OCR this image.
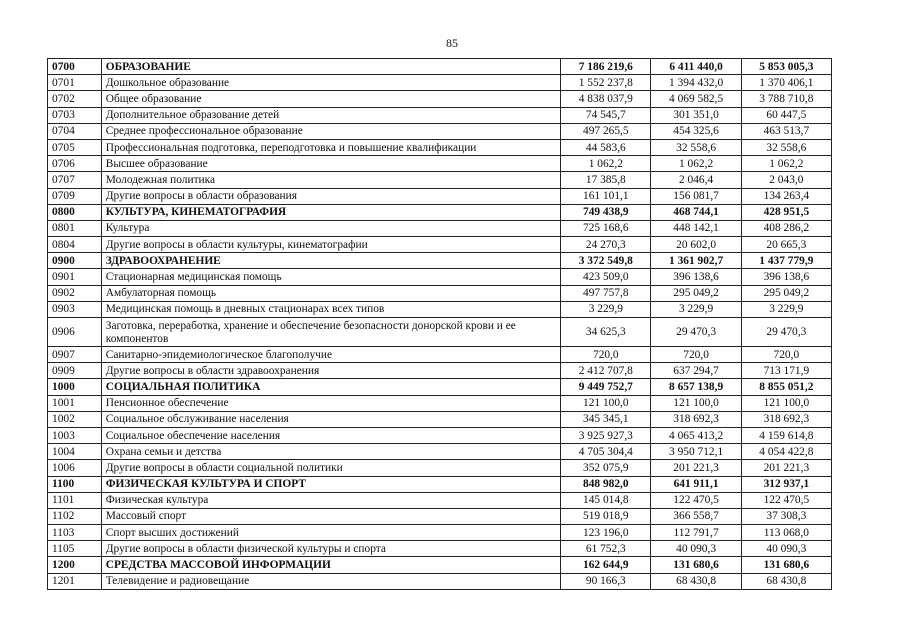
85
0700	ОБРАЗОВАНИЕ	7 186 219,6	6 411 440,0	5 853 005,3
0701	Дошкольное образование	1 552 237,8	1 394 432,0	1 370 406,1
0702	Общее образование	4 838 037,9	4 069 582,5	3 788 710,8
0703	Дополнительное образование детей	74 545,7	301 351,0	60 447,5
0704	Среднее профессиональное образование	497 265,5	454 325,6	463 513,7
0705	Профессиональная подготовка, переподготовка и повышение квалификации	44 583,6	32 558,6	32 558,6
0706	Высшее образование	1 062,2	1 062,2	1 062,2
0707	Молодежная политика	17 385,8	2 046,4	2 043,0
0709	Другие вопросы в области образования	161 101,1	156 081,7	134 263,4
0800	КУЛЬТУРА, КИНЕМАТОГРАФИЯ	749 438,9	468 744,1	428 951,5
0801	Культура	725 168,6	448 142,1	408 286,2
0804	Другие вопросы в области культуры, кинематографии	24 270,3	20 602,0	20 665,3
0900	ЗДРАВООХРАНЕНИЕ	3 372 549,8	1 361 902,7	1 437 779,9
0901	Стационарная медицинская помощь	423 509,0	396 138,6	396 138,6
0902	Амбулаторная помощь	497 757,8	295 049,2	295 049,2
0903	Медицинская помощь в дневных стационарах всех типов	3 229,9	3 229,9	3 229,9
0906	Заготовка, переработка, хранение и обеспечение безопасности донорской крови и ее компонентов	34 625,3	29 470,3	29 470,3
0907	Санитарно-эпидемиологическое благополучие	720,0	720,0	720,0
0909	Другие вопросы в области здравоохранения	2 412 707,8	637 294,7	713 171,9
1000	СОЦИАЛЬНАЯ ПОЛИТИКА	9 449 752,7	8 657 138,9	8 855 051,2
1001	Пенсионное обеспечение	121 100,0	121 100,0	121 100,0
1002	Социальное обслуживание населения	345 345,1	318 692,3	318 692,3
1003	Социальное обеспечение населения	3 925 927,3	4 065 413,2	4 159 614,8
1004	Охрана семьи и детства	4 705 304,4	3 950 712,1	4 054 422,8
1006	Другие вопросы в области социальной политики	352 075,9	201 221,3	201 221,3
1100	ФИЗИЧЕСКАЯ КУЛЬТУРА И СПОРТ	848 982,0	641 911,1	312 937,1
1101	Физическая культура	145 014,8	122 470,5	122 470,5
1102	Массовый спорт	519 018,9	366 558,7	37 308,3
1103	Спорт высших достижений	123 196,0	112 791,7	113 068,0
1105	Другие вопросы в области физической культуры и спорта	61 752,3	40 090,3	40 090,3
1200	СРЕДСТВА МАССОВОЙ ИНФОРМАЦИИ	162 644,9	131 680,6	131 680,6
1201	Телевидение и радиовещание	90 166,3	68 430,8	68 430,8
